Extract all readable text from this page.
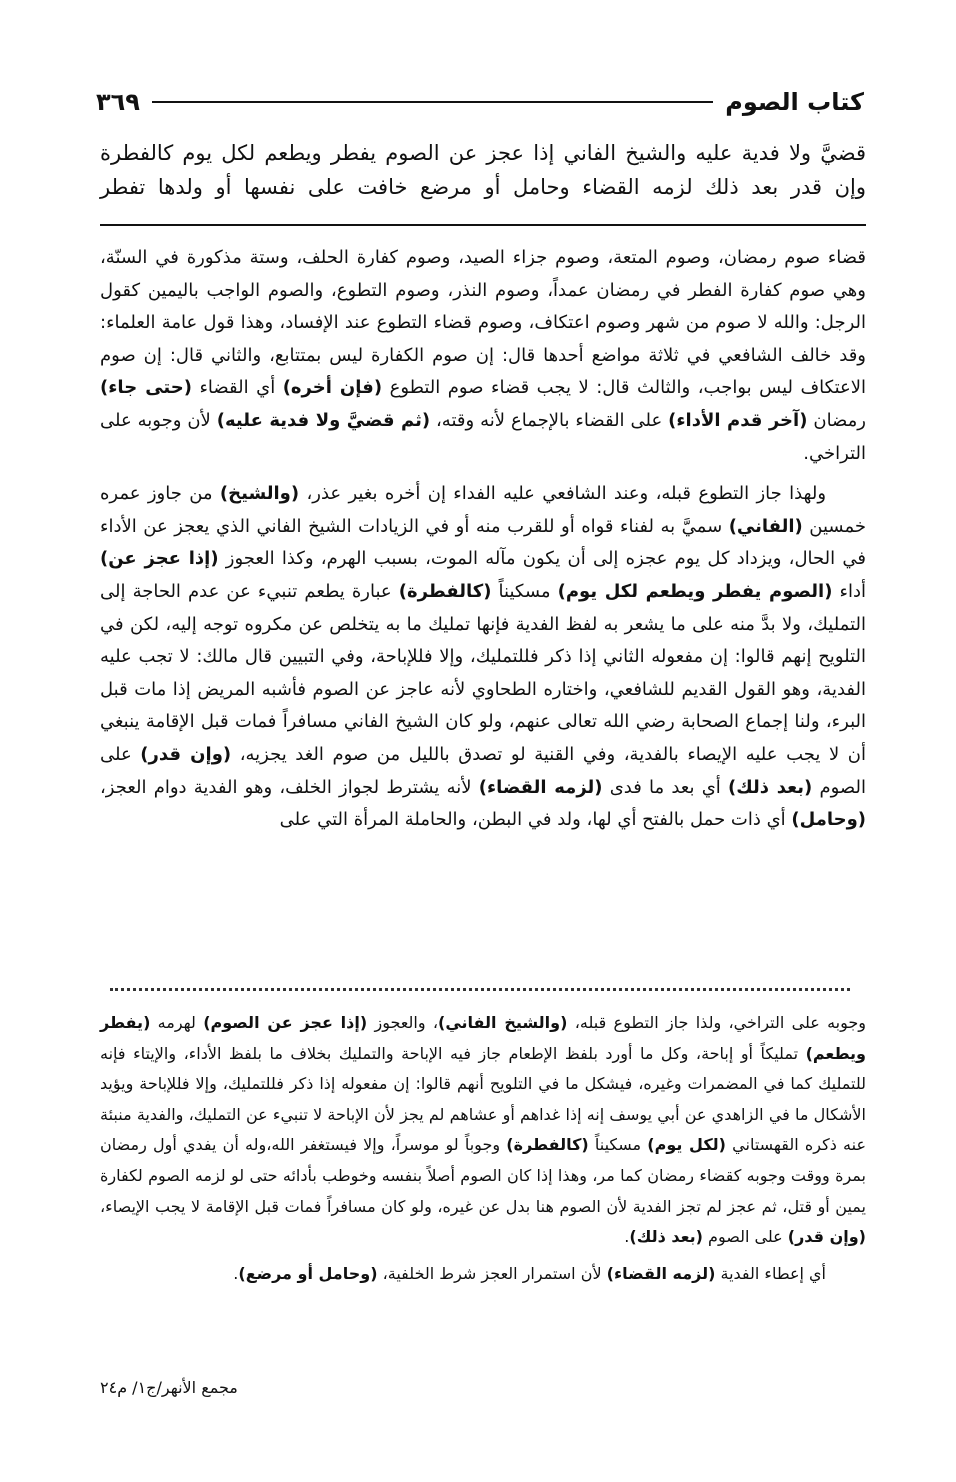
كتاب الصوم
٣٦٩

قضيَّ ولا فدية عليه والشيخ الفاني إذا عجز عن الصوم يفطر ويطعم لكل يوم كالفطرة

وإن قدر بعد ذلك لزمه القضاء وحامل أو مرضع خافت على نفسها أو ولدها تفطر

قضاء صوم رمضان، وصوم المتعة، وصوم جزاء الصيد، وصوم كفارة الحلف، وستة مذكورة في السنّة، وهي صوم كفارة الفطر في رمضان عمداً، وصوم النذر، وصوم التطوع، والصوم الواجب باليمين كقول الرجل: والله لا صوم من شهر وصوم اعتكاف، وصوم قضاء التطوع عند الإفساد، وهذا قول عامة العلماء: وقد خالف الشافعي في ثلاثة مواضع أحدها قال: إن صوم الكفارة ليس بمتتابع، والثاني قال: إن صوم الاعتكاف ليس بواجب، والثالث قال: لا يجب قضاء صوم التطوع (فإن أخره) أي القضاء (حتى جاء) رمضان (آخر قدم الأداء) على القضاء بالإجماع لأنه وقته، (ثم قضيَّ ولا فدية عليه) لأن وجوبه على التراخي.

ولهذا جاز التطوع قبله، وعند الشافعي عليه الفداء إن أخره بغير عذر، (والشيخ) من جاوز عمره خمسين (الفاني) سميَّ به لفناء قواه أو للقرب منه أو في الزيادات الشيخ الفاني الذي يعجز عن الأداء في الحال، ويزداد كل يوم عجزه إلى أن يكون مآله الموت، بسبب الهرم، وكذا العجوز (إذا عجز عن) أداء (الصوم يفطر ويطعم لكل يوم) مسكيناً (كالفطرة) عبارة يطعم تنبيء عن عدم الحاجة إلى التمليك، ولا بدَّ منه على ما يشعر به لفظ الفدية فإنها تمليك ما به يتخلص عن مكروه توجه إليه، لكن في التلويح إنهم قالوا: إن مفعوله الثاني إذا ذكر فللتمليك، وإلا فللإباحة، وفي التبيين قال مالك: لا تجب عليه الفدية، وهو القول القديم للشافعي، واختاره الطحاوي لأنه عاجز عن الصوم فأشبه المريض إذا مات قبل البرء، ولنا إجماع الصحابة رضي الله تعالى عنهم، ولو كان الشيخ الفاني مسافراً فمات قبل الإقامة ينبغي أن لا يجب عليه الإيصاء بالفدية، وفي القنية لو تصدق بالليل من صوم الغد يجزيه، (وإن قدر) على الصوم (بعد ذلك) أي بعد ما فدى (لزمه القضاء) لأنه يشترط لجواز الخلف، وهو الفدية دوام العجز، (وحامل) أي ذات حمل بالفتح أي لها، ولد في البطن، والحاملة المرأة التي على

وجوبه على التراخي، ولذا جاز التطوع قبله، (والشيخ الفاني)، والعجوز (إذا عجز عن الصوم) لهرمه (يفطر ويطعم) تمليكاً أو إباحة، وكل ما أورد بلفظ الإطعام جاز فيه الإباحة والتمليك بخلاف ما بلفظ الأداء، والإيتاء فإنه للتمليك كما في المضمرات وغيره، فيشكل ما في التلويح أنهم قالوا: إن مفعوله إذا ذكر فللتمليك، وإلا فللإباحة ويؤيد الأشكال ما في الزاهدي عن أبي يوسف إنه إذا غداهم أو عشاهم لم يجز لأن الإباحة لا تنبيء عن التمليك، والفدية منبئة عنه ذكره القهستاني (لكل يوم) مسكيناً (كالفطرة) وجوباً لو موسراً، وإلا فيستغفر الله،وله أن يفدي أول رمضان بمرة ووقت وجوبه كقضاء رمضان كما مر، وهذا إذا كان الصوم أصلاً بنفسه وخوطب بأدائه حتى لو لزمه الصوم لكفارة يمين أو قتل، ثم عجز لم تجز الفدية لأن الصوم هنا بدل عن غيره، ولو كان مسافراً فمات قبل الإقامة لا يجب الإيصاء، (وإن قدر) على الصوم (بعد ذلك).

أي إعطاء الفدية (لزمه القضاء) لأن استمرار العجز شرط الخلفية، (وحامل أو مرضع).

مجمع الأنهر/ج١/ م٢٤
